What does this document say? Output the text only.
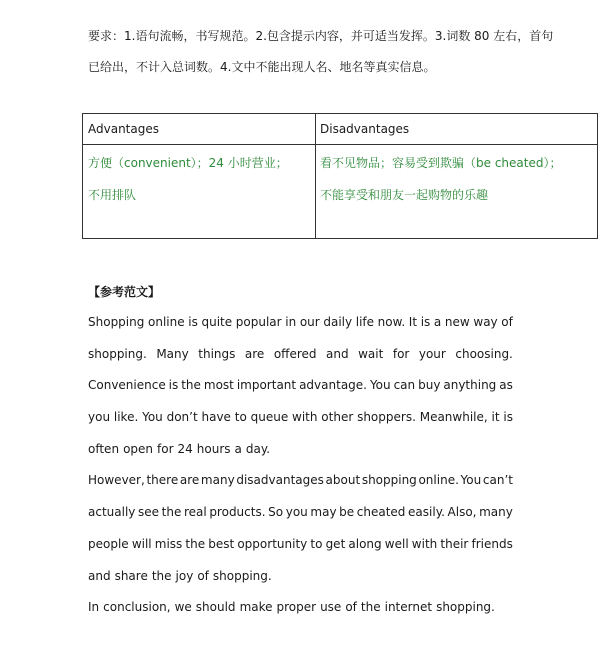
要求：1.语句流畅，书写规范。2.包含提示内容，并可适当发挥。3.词数 80 左右，首句
已给出，不计入总词数。4.文中不能出现人名、地名等真实信息。
Advantages	Disadvantages
方便（convenient）；24 小时营业；
不用排队
看不见物品；容易受到欺骗（be cheated）；
不能享受和朋友一起购物的乐趣
【参考范文】
Shopping online is quite popular in our daily life now. It is a new way of
shopping. Many things are offered and wait for your choosing.
Convenience is the most important advantage. You can buy anything as
you like. You don’t have to queue with other shoppers. Meanwhile, it is
often open for 24 hours a day.
However, there are many disadvantages about shopping online. You can’t
actually see the real products. So you may be cheated easily. Also, many
people will miss the best opportunity to get along well with their friends
and share the joy of shopping.
In conclusion, we should make proper use of the internet shopping.
